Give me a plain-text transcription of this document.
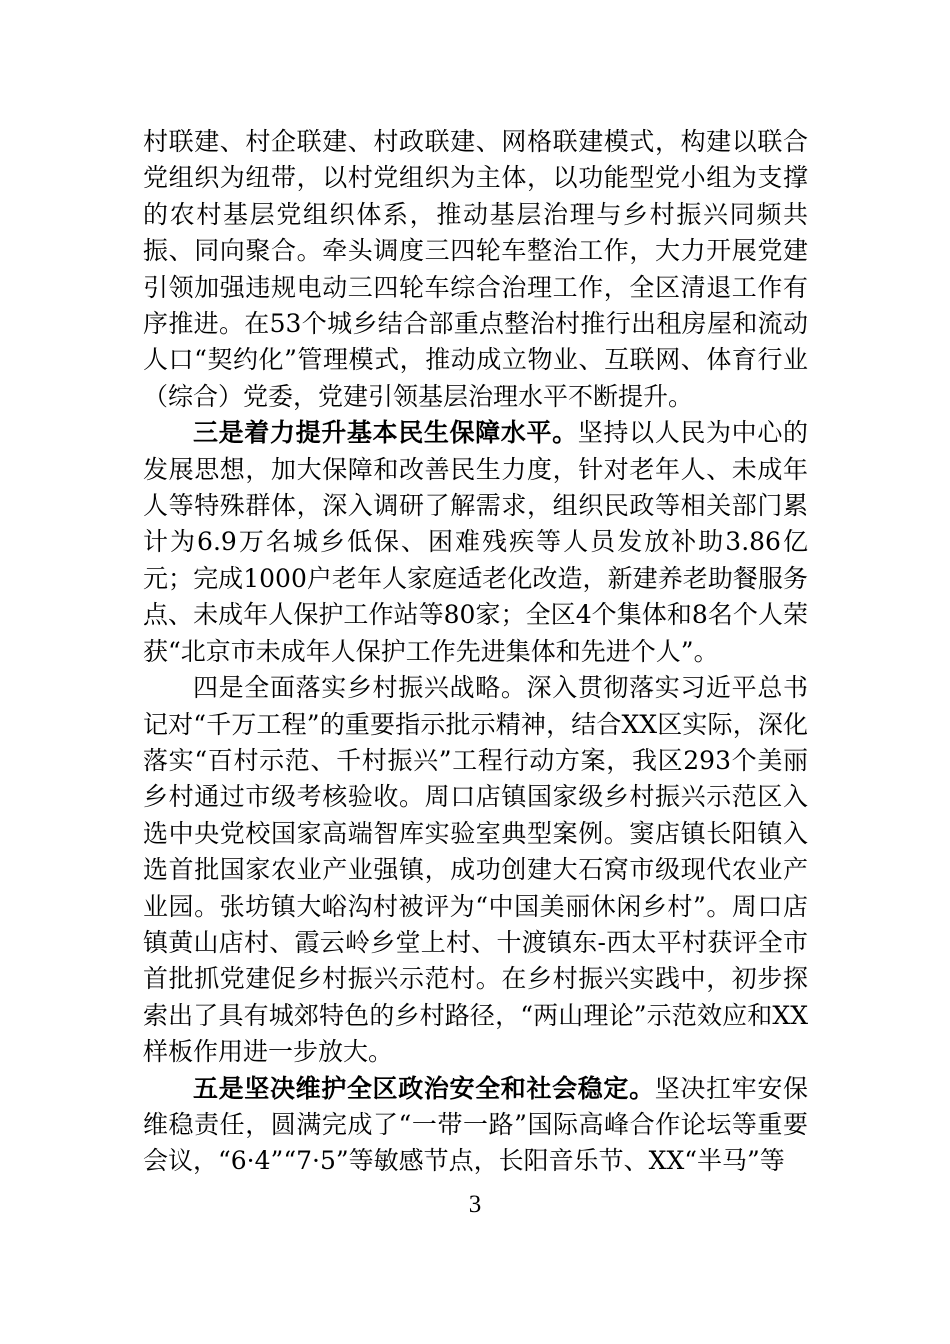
村联建、村企联建、村政联建、网格联建模式，构建以联合党组织为纽带，以村党组织为主体，以功能型党小组为支撑的农村基层党组织体系，推动基层治理与乡村振兴同频共振、同向聚合。牵头调度三四轮车整治工作，大力开展党建引领加强违规电动三四轮车综合治理工作，全区清退工作有序推进。在53个城乡结合部重点整治村推行出租房屋和流动人口“契约化”管理模式，推动成立物业、互联网、体育行业（综合）党委，党建引领基层治理水平不断提升。

三是着力提升基本民生保障水平。坚持以人民为中心的发展思想，加大保障和改善民生力度，针对老年人、未成年人等特殊群体，深入调研了解需求，组织民政等相关部门累计为6.9万名城乡低保、困难残疾等人员发放补助3.86亿元；完成1000户老年人家庭适老化改造，新建养老助餐服务点、未成年人保护工作站等80家；全区4个集体和8名个人荣获“北京市未成年人保护工作先进集体和先进个人”。

四是全面落实乡村振兴战略。深入贯彻落实习近平总书记对“千万工程”的重要指示批示精神，结合XX区实际，深化落实“百村示范、千村振兴”工程行动方案，我区293个美丽乡村通过市级考核验收。周口店镇国家级乡村振兴示范区入选中央党校国家高端智库实验室典型案例。窦店镇长阳镇入选首批国家农业产业强镇，成功创建大石窝市级现代农业产业园。张坊镇大峪沟村被评为“中国美丽休闲乡村”。周口店镇黄山店村、霞云岭乡堂上村、十渡镇东-西太平村获评全市首批抓党建促乡村振兴示范村。在乡村振兴实践中，初步探索出了具有城郊特色的乡村路径，“两山理论”示范效应和XX样板作用进一步放大。

五是坚决维护全区政治安全和社会稳定。坚决扛牢安保维稳责任，圆满完成了“一带一路”国际高峰合作论坛等重要会议，“6·4”“7·5”等敏感节点，长阳音乐节、XX“半马”等

3
